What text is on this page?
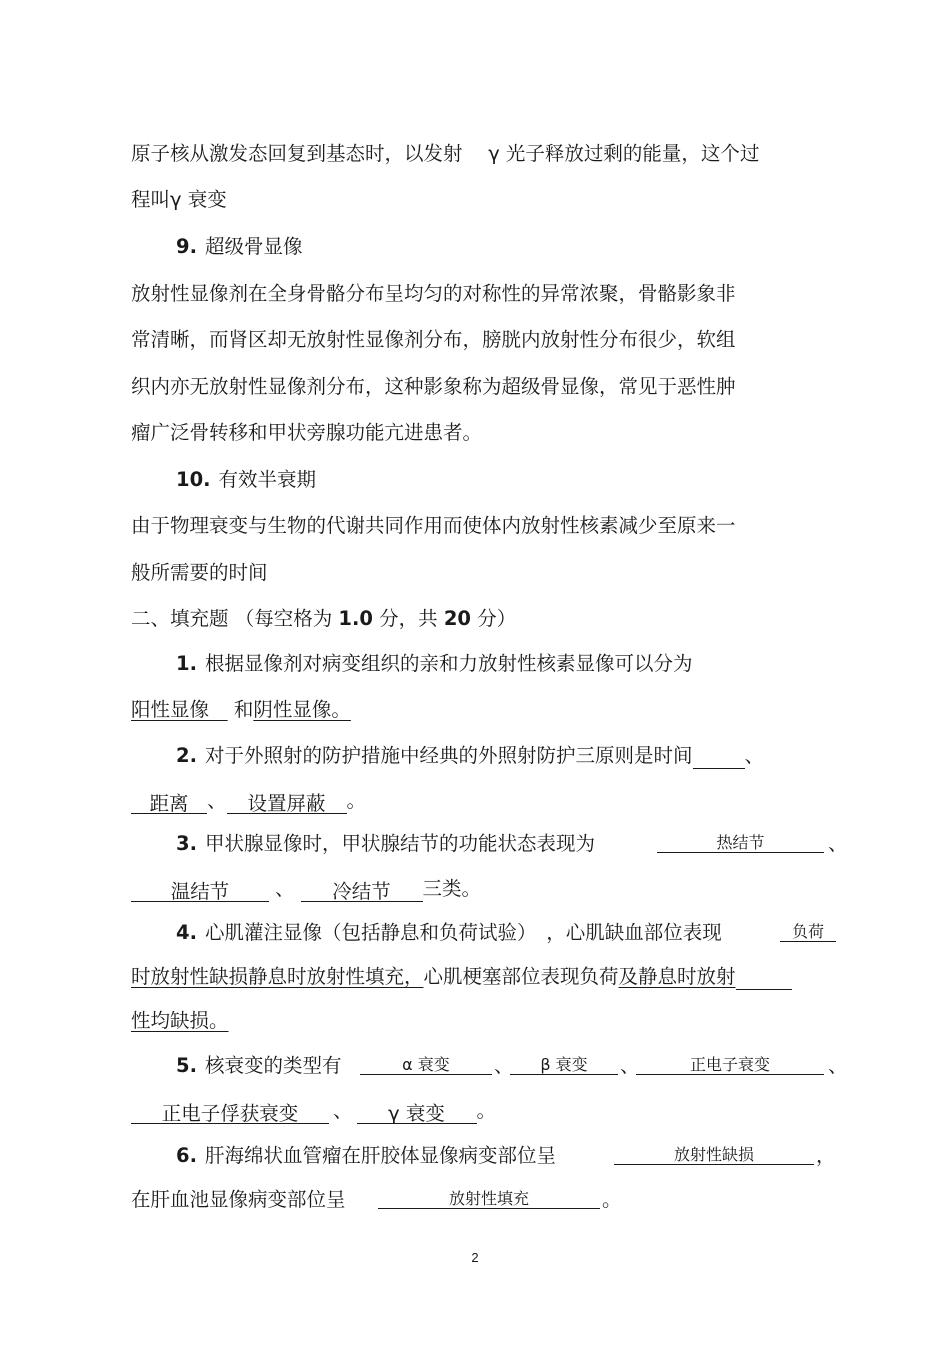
原子核从激发态回复到基态时，以发射　 γ 光子释放过剩的能量，这个过
程叫γ 衰变
9. 超级骨显像
放射性显像剂在全身骨骼分布呈均匀的对称性的异常浓聚，骨骼影象非
常清晰，而肾区却无放射性显像剂分布，膀胱内放射性分布很少，软组
织内亦无放射性显像剂分布，这种影象称为超级骨显像，常见于恶性肿
瘤广泛骨转移和甲状旁腺功能亢进患者。
10. 有效半衰期
由于物理衰变与生物的代谢共同作用而使体内放射性核素减少至原来一
般所需要的时间
二、填充题 （每空格为 1.0 分，共 20 分）
1. 根据显像剂对病变组织的亲和力放射性核素显像可以分为
阳性显像 和阴性显像。
2. 对于外照射的防护措施中经典的外照射防护三原则是时间	、
距离 、 设置屏蔽 。
3. 甲状腺显像时，甲状腺结节的功能状态表现为	热结节	、
温结节 、 冷结节 三类。
4. 心肌灌注显像（包括静息和负荷试验）　，心肌缺血部位表现	负荷
时放射性缺损静息时放射性填充，心肌梗塞部位表现负荷及静息时放射
性均缺损。
5. 核衰变的类型有	α 衰变	、	β 衰变	、	正电子衰变	、
正电子俘获衰变 、 γ 衰变 。
6. 肝海绵状血管瘤在肝胶体显像病变部位呈	放射性缺损	，
在肝血池显像病变部位呈	放射性填充	。
2
